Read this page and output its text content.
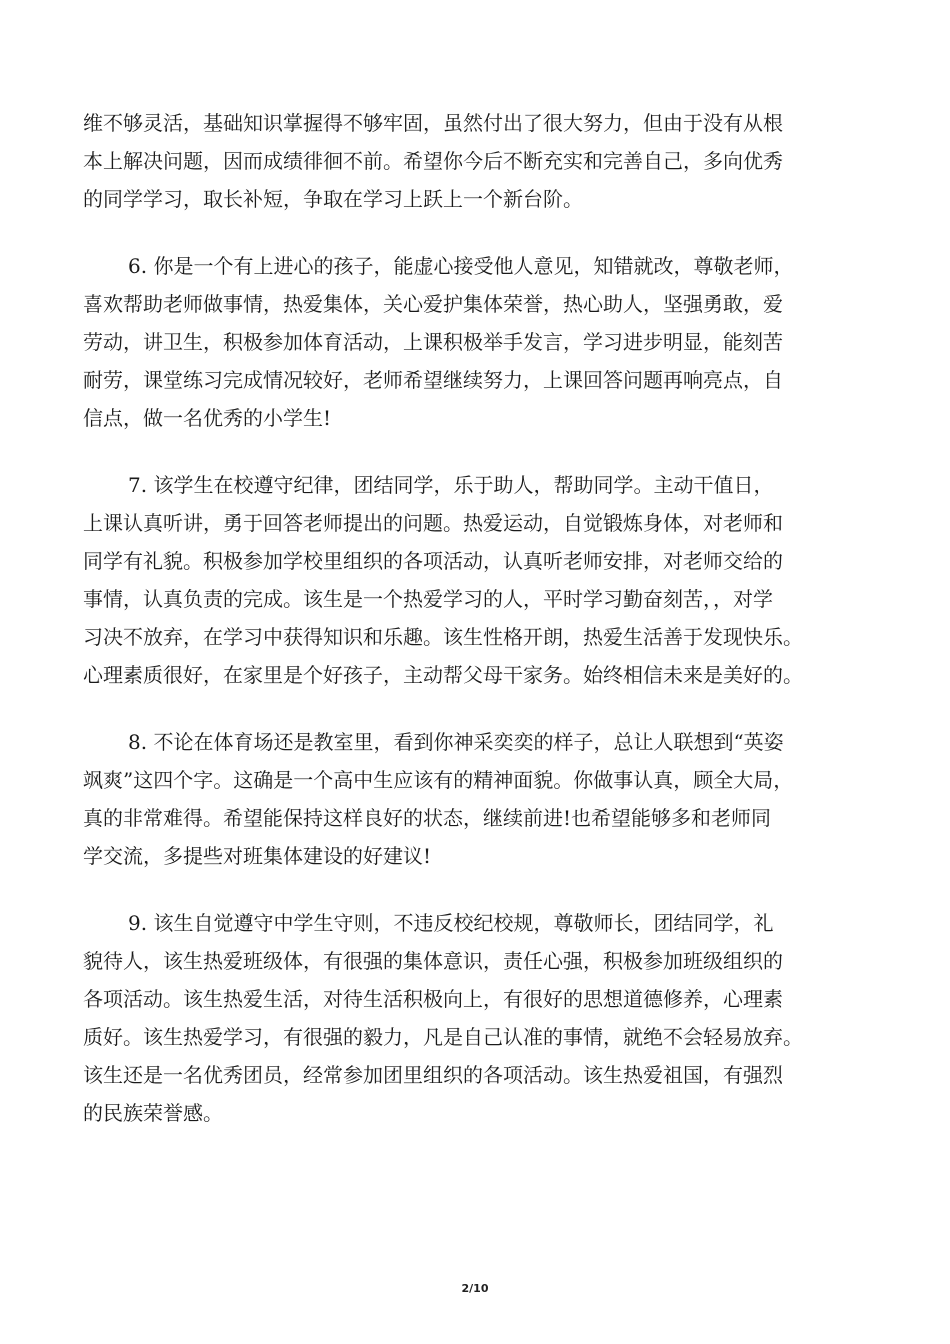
维不够灵活，基础知识掌握得不够牢固，虽然付出了很大努力，但由于没有从根
本上解决问题，因而成绩徘徊不前。希望你今后不断充实和完善自己，多向优秀
的同学学习，取长补短，争取在学习上跃上一个新台阶。
6. 你是一个有上进心的孩子，能虚心接受他人意见，知错就改，尊敬老师，
喜欢帮助老师做事情，热爱集体，关心爱护集体荣誉，热心助人，坚强勇敢，爱
劳动，讲卫生，积极参加体育活动，上课积极举手发言，学习进步明显，能刻苦
耐劳，课堂练习完成情况较好，老师希望继续努力，上课回答问题再响亮点，自
信点，做一名优秀的小学生!
7. 该学生在校遵守纪律，团结同学，乐于助人，帮助同学。主动干值日，
上课认真听讲，勇于回答老师提出的问题。热爱运动，自觉锻炼身体，对老师和
同学有礼貌。积极参加学校里组织的各项活动，认真听老师安排，对老师交给的
事情，认真负责的完成。该生是一个热爱学习的人，平时学习勤奋刻苦，，对学
习决不放弃，在学习中获得知识和乐趣。该生性格开朗，热爱生活善于发现快乐。
心理素质很好，在家里是个好孩子，主动帮父母干家务。始终相信未来是美好的。
8. 不论在体育场还是教室里，看到你神采奕奕的样子，总让人联想到“英姿
飒爽”这四个字。这确是一个高中生应该有的精神面貌。你做事认真，顾全大局，
真的非常难得。希望能保持这样良好的状态，继续前进!也希望能够多和老师同
学交流，多提些对班集体建设的好建议!
9. 该生自觉遵守中学生守则，不违反校纪校规，尊敬师长，团结同学，礼
貌待人，该生热爱班级体，有很强的集体意识，责任心强，积极参加班级组织的
各项活动。该生热爱生活，对待生活积极向上，有很好的思想道德修养，心理素
质好。该生热爱学习，有很强的毅力，凡是自己认准的事情，就绝不会轻易放弃。
该生还是一名优秀团员，经常参加团里组织的各项活动。该生热爱祖国，有强烈
的民族荣誉感。
2/10
